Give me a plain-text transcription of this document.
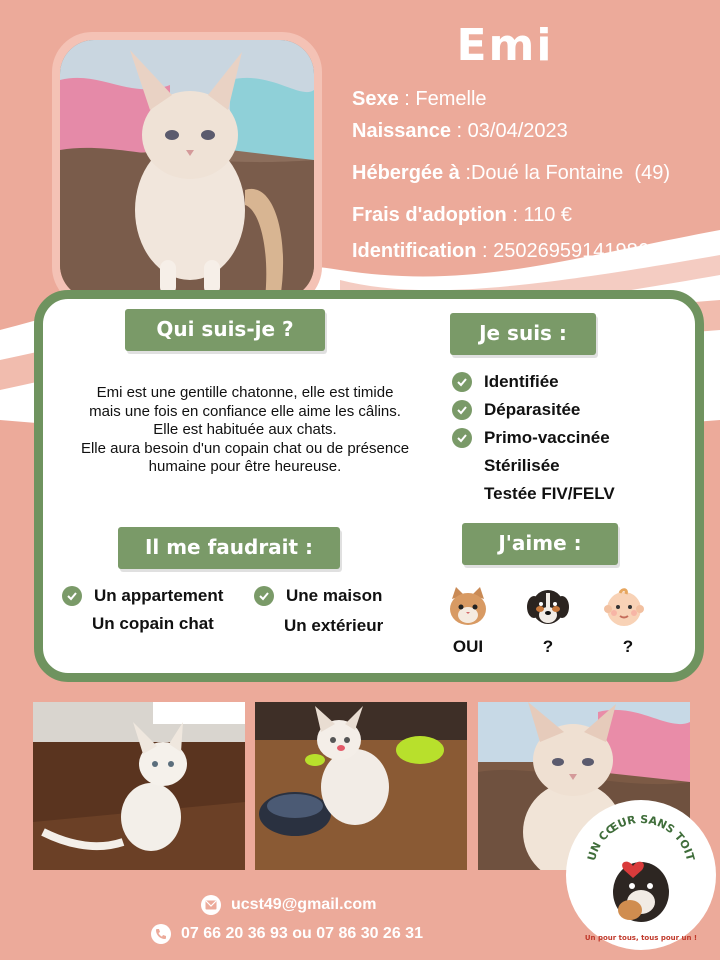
Emi
Sexe : Femelle
Naissance : 03/04/2023
Hébergée à :Doué la Fontaine  (49)
Frais d'adoption : 110 €
Identification : 250269591419864
Qui suis-je ?
Emi est une gentille chatonne, elle est timide
mais une fois en confiance elle aime les câlins.
Elle est habituée aux chats.
Elle aura besoin d'un copain chat ou de présence
humaine pour être heureuse.
Je suis :
Identifiée
Déparasitée
Primo-vaccinée
Stérilisée
Testée FIV/FELV
Il me faudrait :
Un appartement
Un copain chat
Une maison
Un extérieur
J'aime :
OUI	?	?
UN CŒUR SANS TOIT
Un pour tous, tous pour un !
ucst49@gmail.com
07 66 20 36 93 ou 07 86 30 26 31
